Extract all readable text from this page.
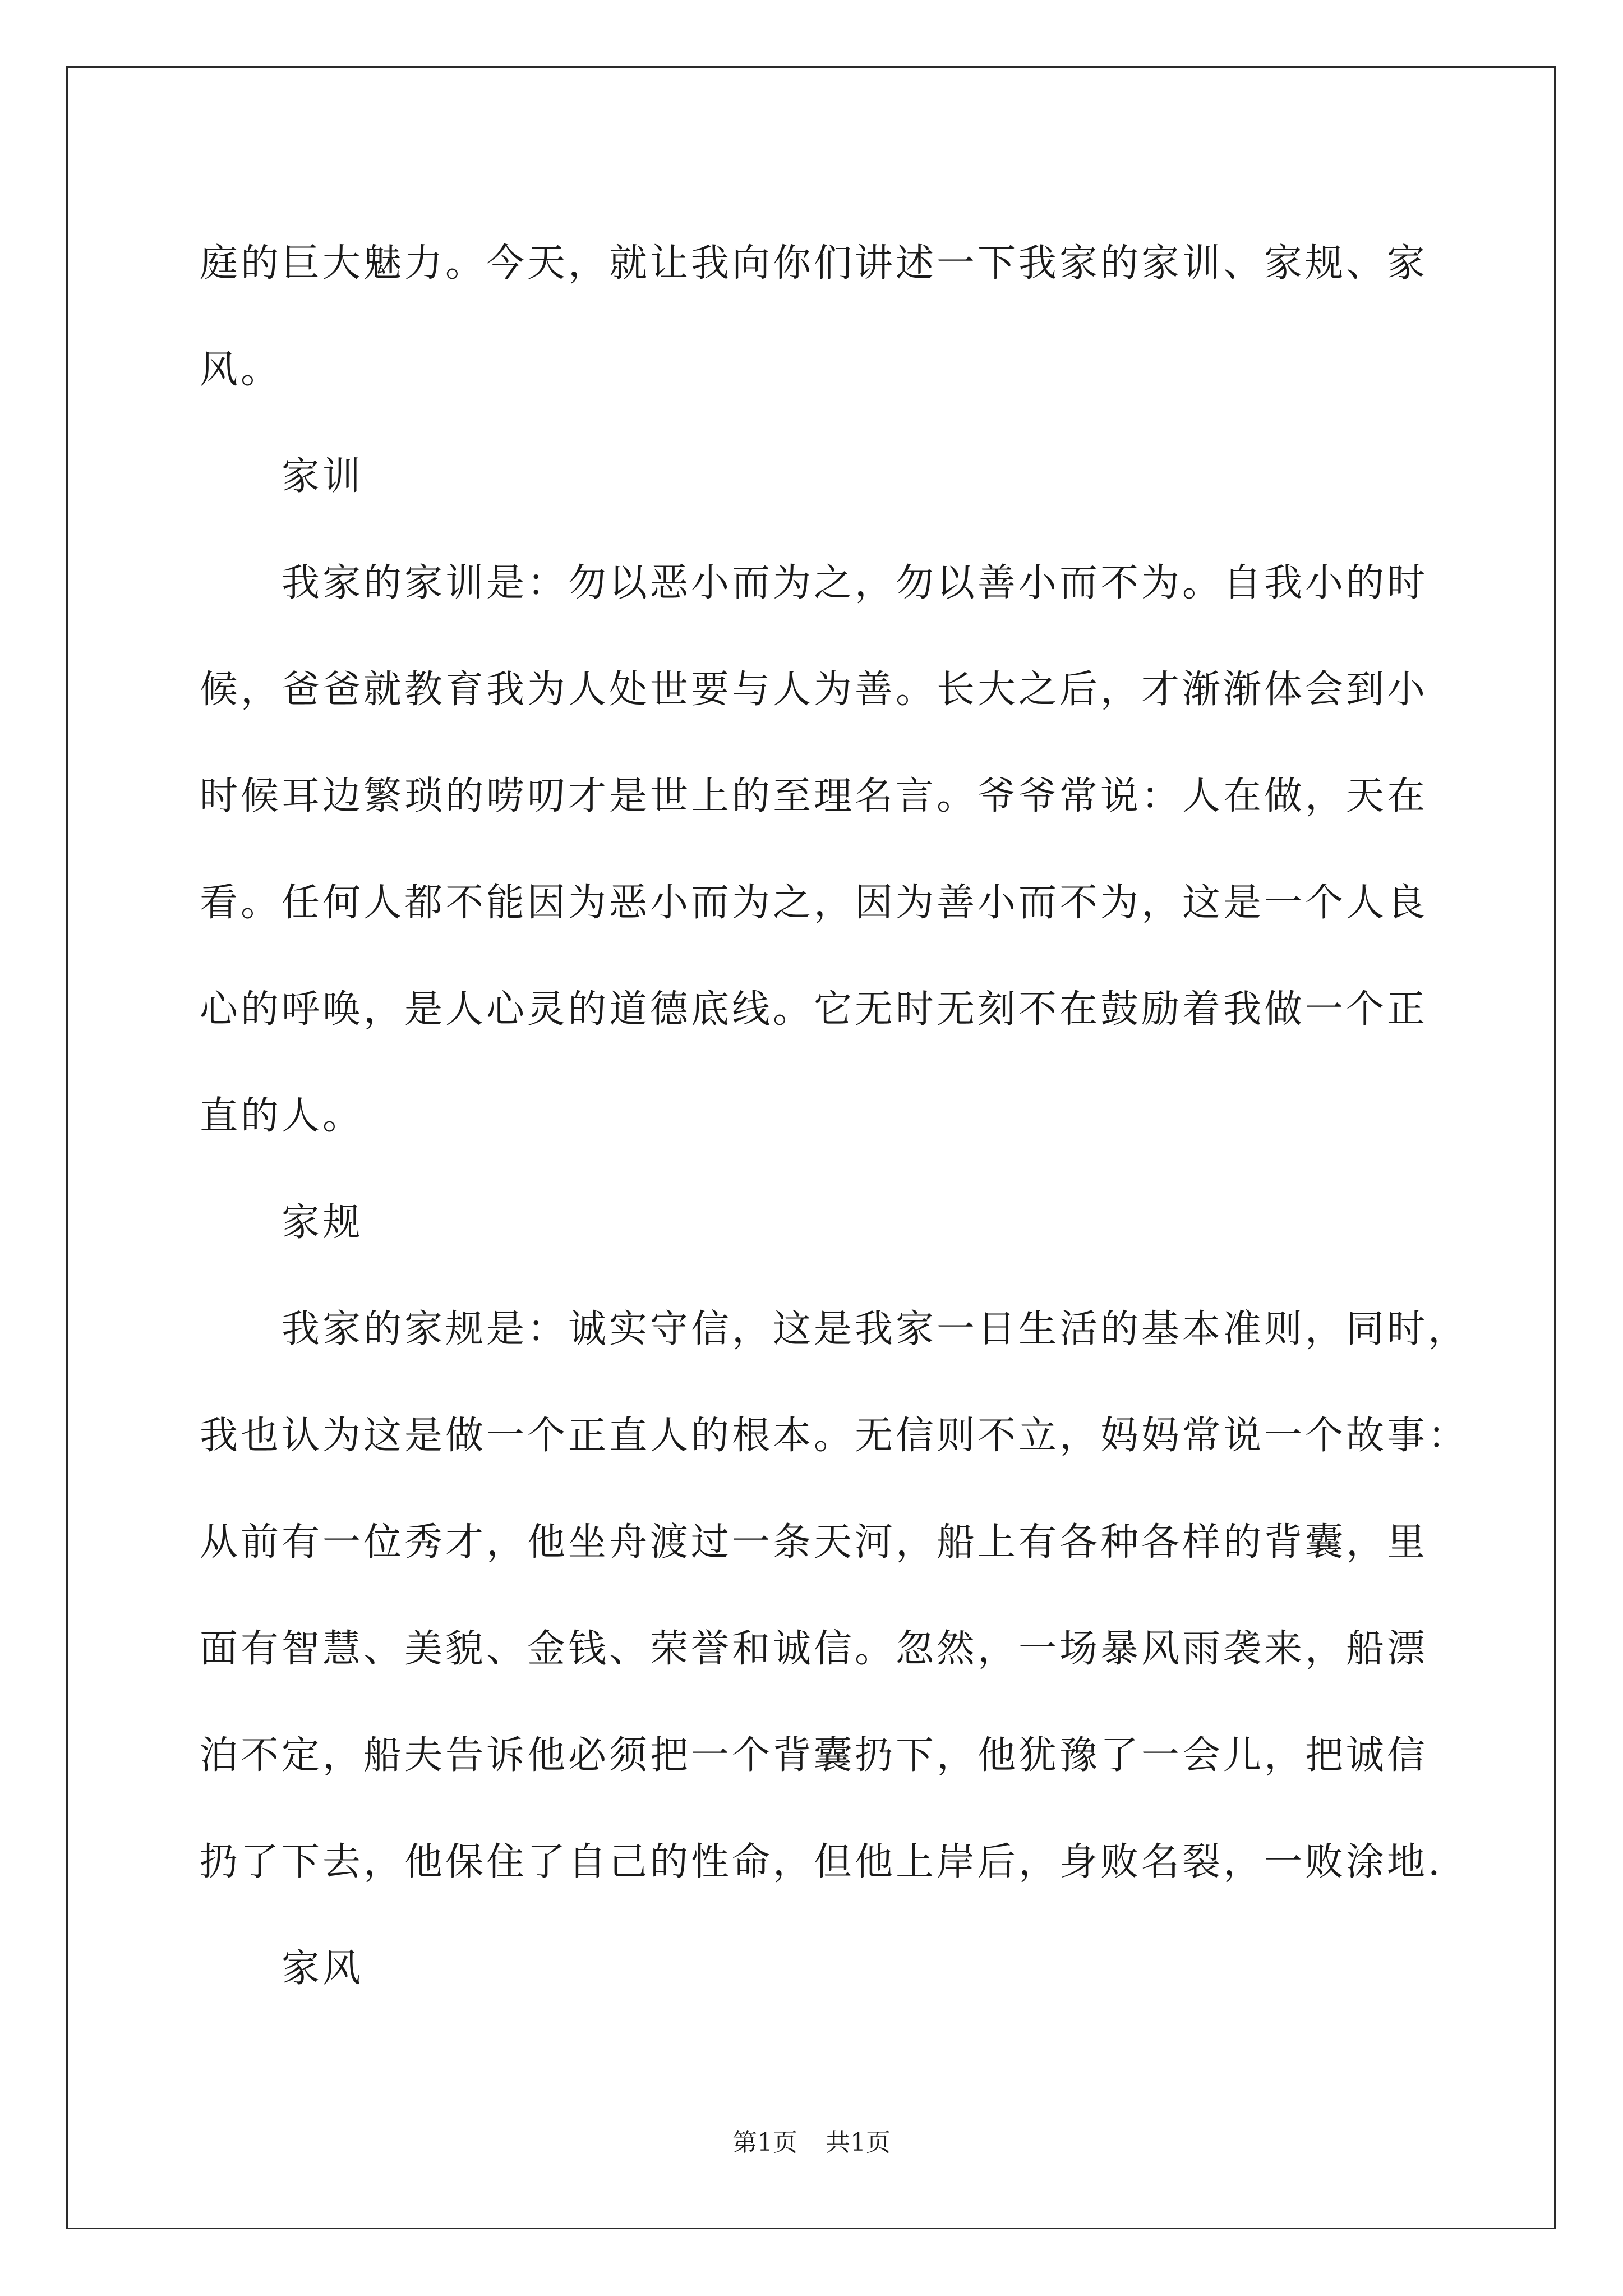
庭的巨大魅力。今天，就让我向你们讲述一下我家的家训、家规、家
风。
家训
我家的家训是：勿以恶小而为之，勿以善小而不为。自我小的时
候，爸爸就教育我为人处世要与人为善。长大之后，才渐渐体会到小
时候耳边繁琐的唠叨才是世上的至理名言。爷爷常说：人在做，天在
看。任何人都不能因为恶小而为之，因为善小而不为，这是一个人良
心的呼唤，是人心灵的道德底线。它无时无刻不在鼓励着我做一个正
直的人。
家规
我家的家规是：诚实守信，这是我家一日生活的基本准则，同时，
我也认为这是做一个正直人的根本。无信则不立，妈妈常说一个故事：
从前有一位秀才，他坐舟渡过一条天河，船上有各种各样的背囊，里
面有智慧、美貌、金钱、荣誉和诚信。忽然，一场暴风雨袭来，船漂
泊不定，船夫告诉他必须把一个背囊扔下，他犹豫了一会儿，把诚信
扔了下去，他保住了自己的性命，但他上岸后，身败名裂，一败涂地.
家风
第1页 共1页
